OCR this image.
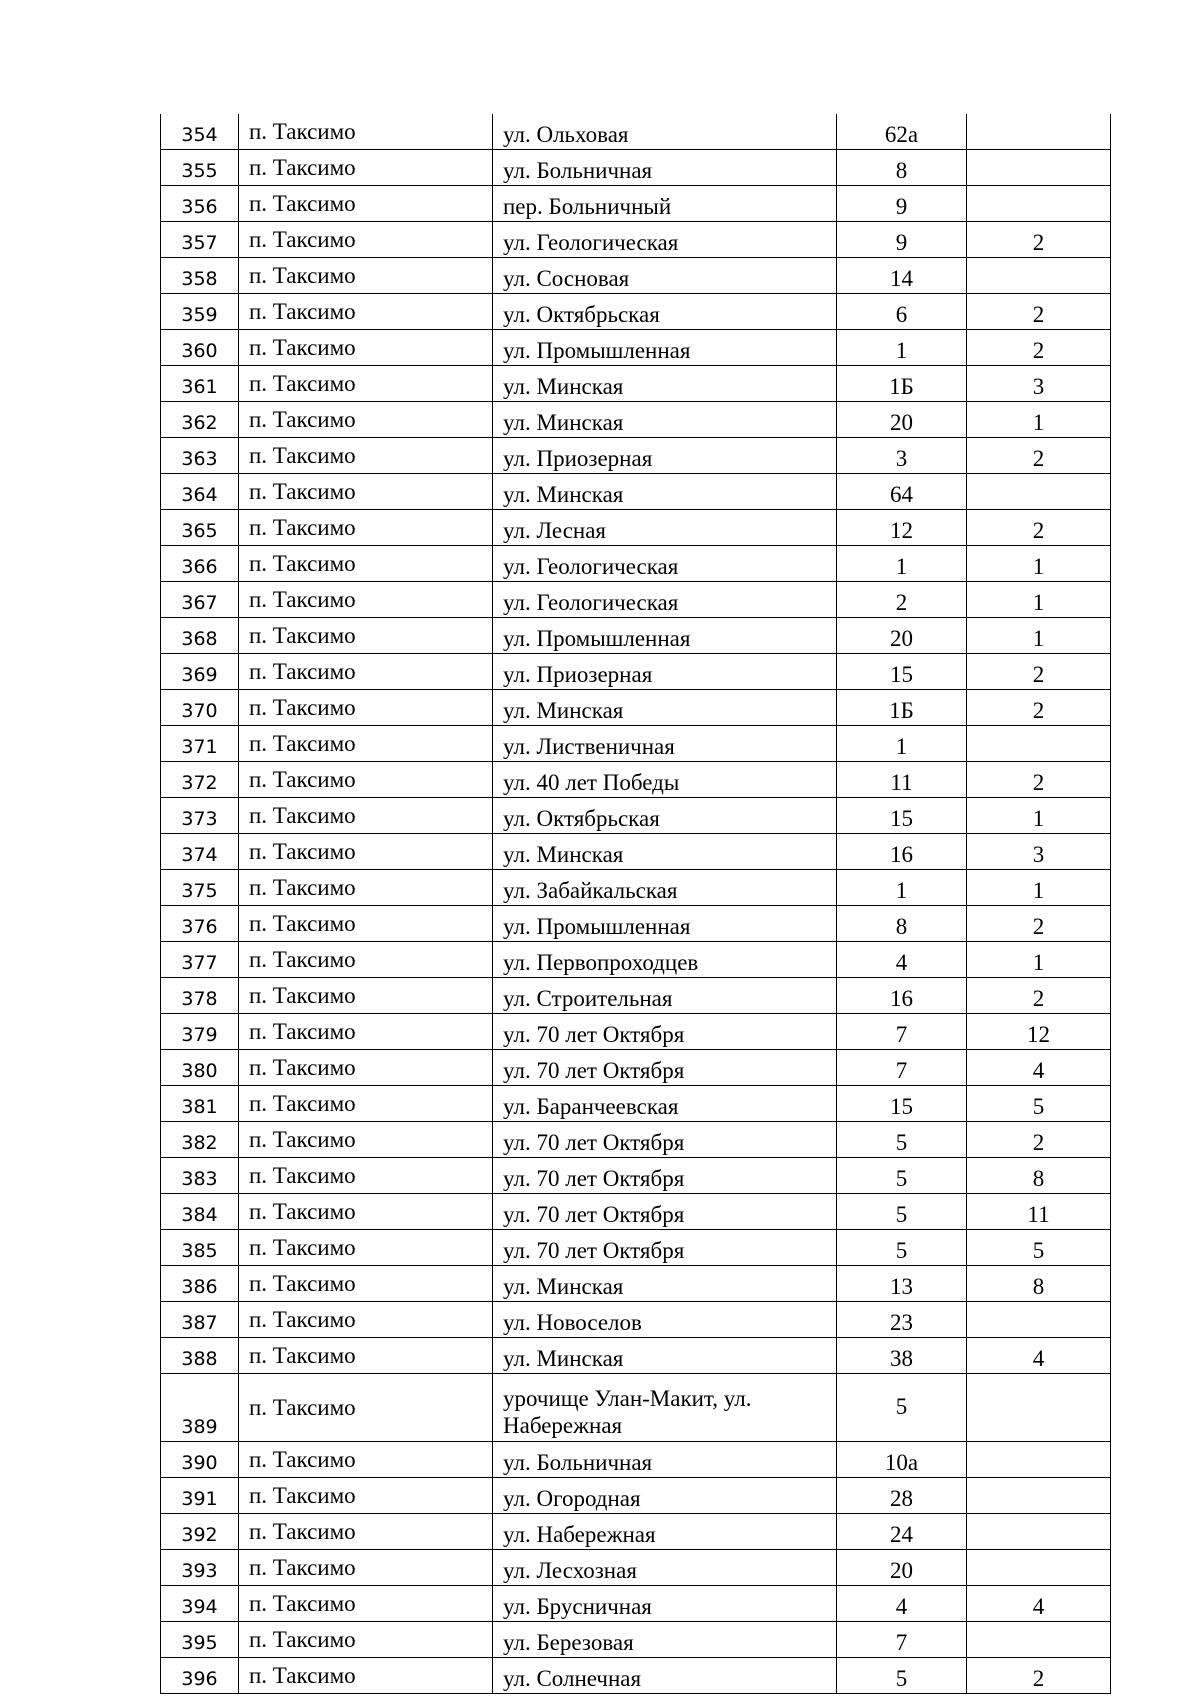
354	п. Таксимо	ул. Ольховая	62а	
355	п. Таксимо	ул. Больничная	8	
356	п. Таксимо	пер. Больничный	9	
357	п. Таксимо	ул. Геологическая	9	2
358	п. Таксимо	ул. Сосновая	14	
359	п. Таксимо	ул. Октябрьская	6	2
360	п. Таксимо	ул. Промышленная	1	2
361	п. Таксимо	ул. Минская	1Б	3
362	п. Таксимо	ул. Минская	20	1
363	п. Таксимо	ул. Приозерная	3	2
364	п. Таксимо	ул. Минская	64	
365	п. Таксимо	ул. Лесная	12	2
366	п. Таксимо	ул. Геологическая	1	1
367	п. Таксимо	ул. Геологическая	2	1
368	п. Таксимо	ул. Промышленная	20	1
369	п. Таксимо	ул. Приозерная	15	2
370	п. Таксимо	ул. Минская	1Б	2
371	п. Таксимо	ул. Лиственичная	1	
372	п. Таксимо	ул. 40 лет Победы	11	2
373	п. Таксимо	ул. Октябрьская	15	1
374	п. Таксимо	ул. Минская	16	3
375	п. Таксимо	ул. Забайкальская	1	1
376	п. Таксимо	ул. Промышленная	8	2
377	п. Таксимо	ул. Первопроходцев	4	1
378	п. Таксимо	ул. Строительная	16	2
379	п. Таксимо	ул. 70 лет Октября	7	12
380	п. Таксимо	ул. 70 лет Октября	7	4
381	п. Таксимо	ул. Баранчеевская	15	5
382	п. Таксимо	ул. 70 лет Октября	5	2
383	п. Таксимо	ул. 70 лет Октября	5	8
384	п. Таксимо	ул. 70 лет Октября	5	11
385	п. Таксимо	ул. 70 лет Октября	5	5
386	п. Таксимо	ул. Минская	13	8
387	п. Таксимо	ул. Новоселов	23	
388	п. Таксимо	ул. Минская	38	4
389	п. Таксимо	урочище Улан-Макит, ул. Набережная	5	
390	п. Таксимо	ул. Больничная	10а	
391	п. Таксимо	ул. Огородная	28	
392	п. Таксимо	ул. Набережная	24	
393	п. Таксимо	ул. Лесхозная	20	
394	п. Таксимо	ул. Брусничная	4	4
395	п. Таксимо	ул. Березовая	7	
396	п. Таксимо	ул. Солнечная	5	2
